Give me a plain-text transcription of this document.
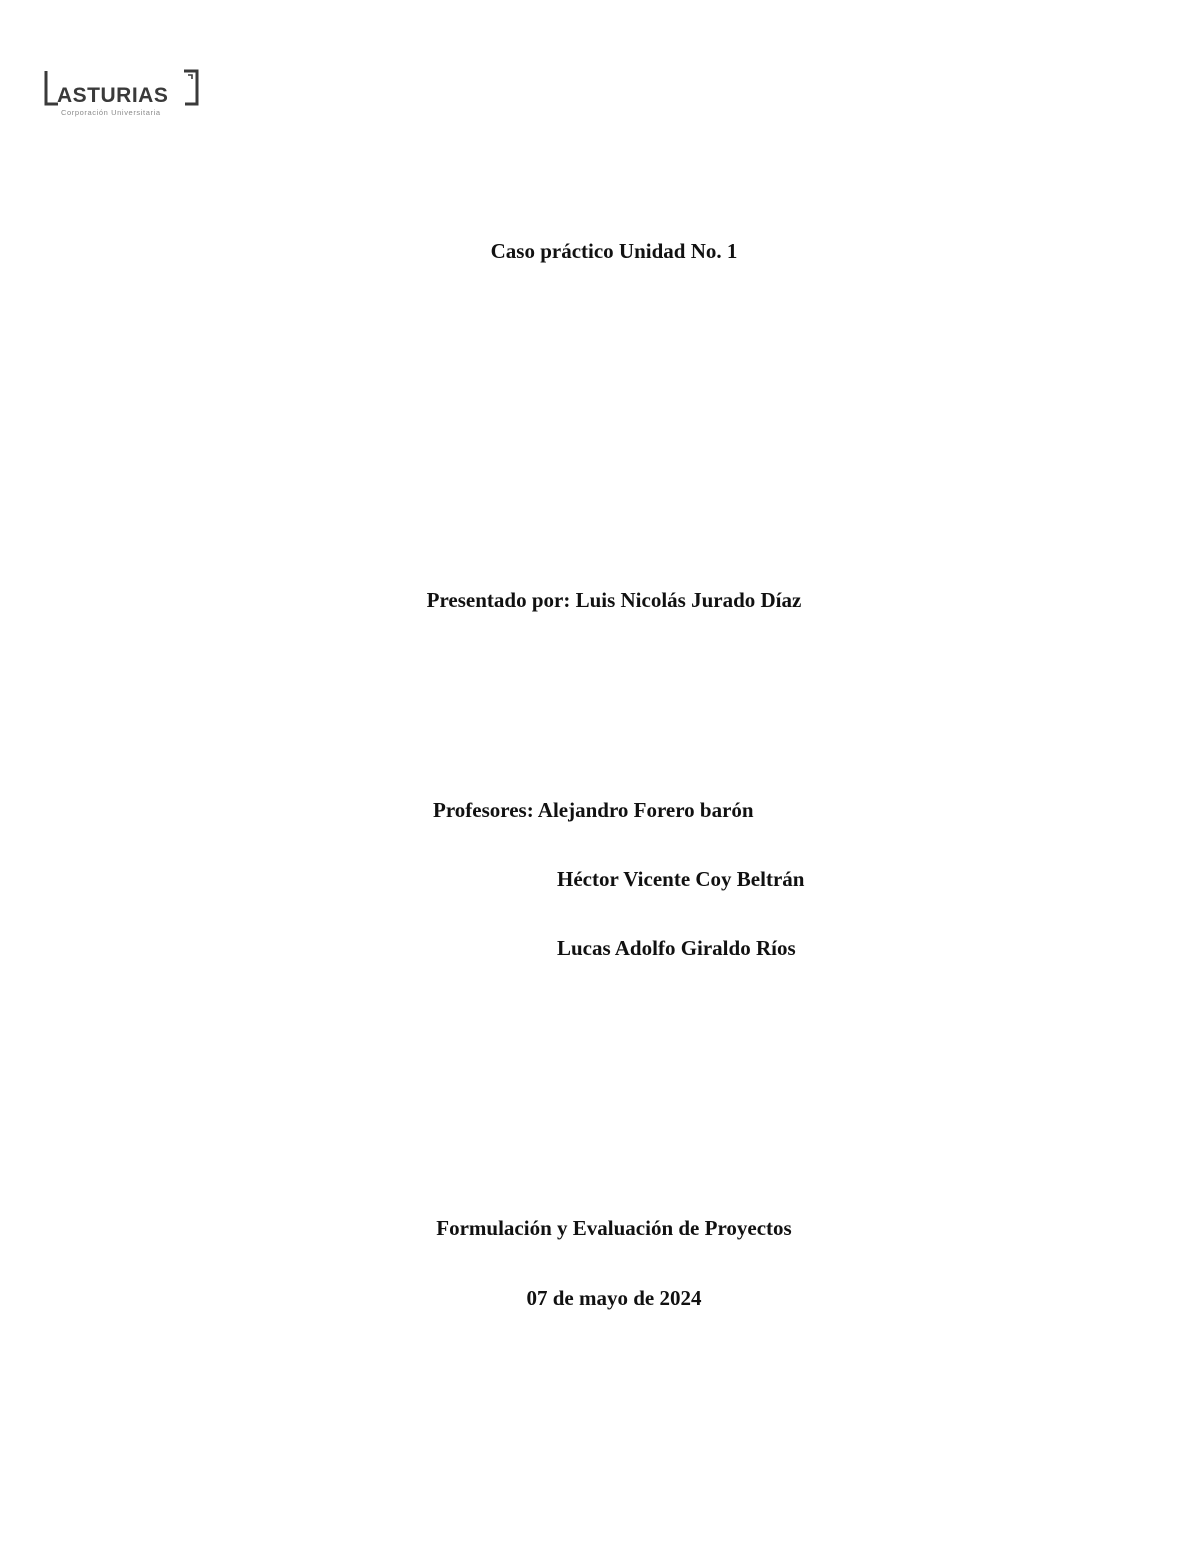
ASTURIAS
Corporación Universitaria
Caso práctico Unidad No. 1
Presentado por: Luis Nicolás Jurado Díaz
Profesores: Alejandro Forero barón
Héctor Vicente Coy Beltrán
Lucas Adolfo Giraldo Ríos
Formulación y Evaluación de Proyectos
07 de mayo de 2024
